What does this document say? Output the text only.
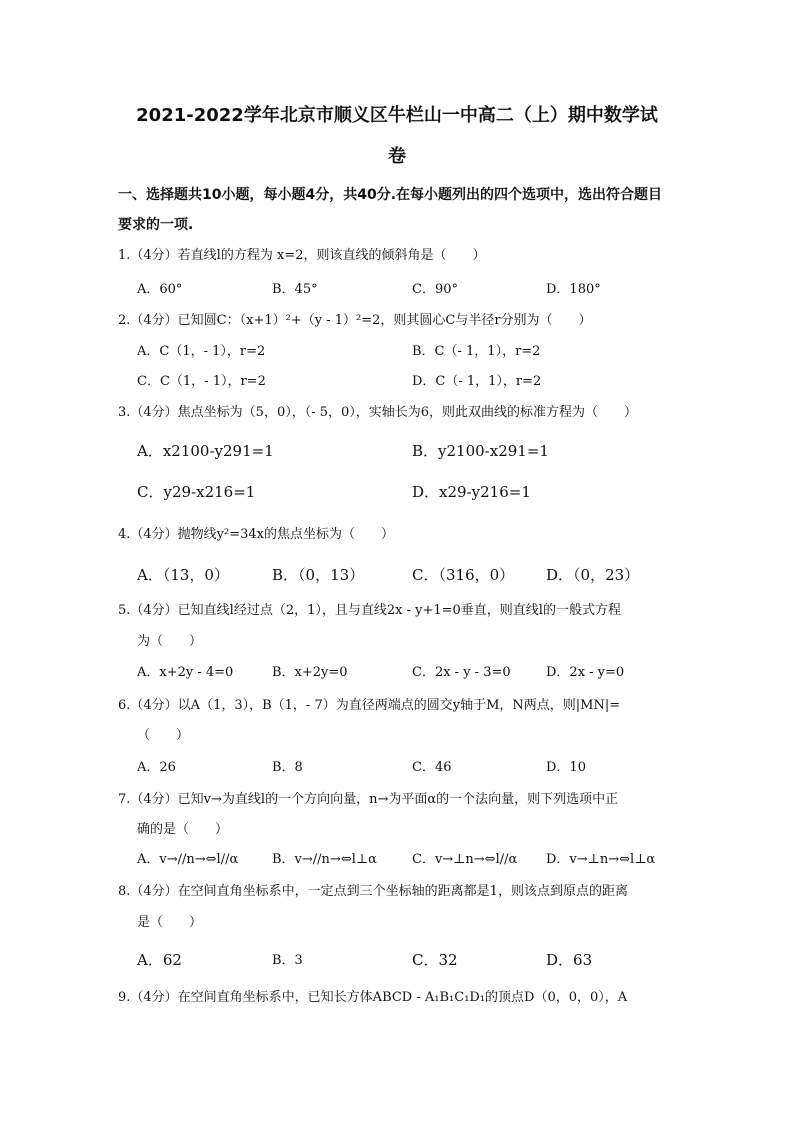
2021-2022学年北京市顺义区牛栏山一中高二（上）期中数学试
卷
一、选择题共10小题，每小题4分，共40分.在每小题列出的四个选项中，选出符合题目
要求的一项.
1.（4分）若直线l的方程为 x=2，则该直线的倾斜角是（　　）
A．60°	B．45°	C．90°	D．180°
2.（4分）已知圆C：（x+1）²+（y - 1）²=2，则其圆心C与半径r分别为（　　）
A．C（1，- 1），r=2	B．C（- 1，1），r=2
C．C（1，- 1），r=2	D．C（- 1，1），r=2
3.（4分）焦点坐标为（5，0），（- 5，0），实轴长为6，则此双曲线的标准方程为（　　）
A．x2100-y291=1	B．y2100-x291=1
C．y29-x216=1	D．x29-y216=1
4.（4分）抛物线y²=34x的焦点坐标为（　　）
A．（13，0）	B．（0，13）	C．（316，0） D．（0，23）
5.（4分）已知直线l经过点（2，1），且与直线2x - y+1=0垂直，则直线l的一般式方程
为（　　）
A．x+2y - 4=0	B．x+2y=0	C．2x - y - 3=0	D．2x - y=0
6.（4分）以A（1，3），B（1，- 7）为直径两端点的圆交y轴于M，N两点，则|MN|=
（　　）
A．26	B．8	C．46	D．10
7.（4分）已知v→为直线l的一个方向向量，n→为平面α的一个法向量，则下列选项中正
确的是（　　）
A．v→//n→⇔l//α	B．v→//n→⇔l⊥α	C．v→⊥n→⇔l//α D．v→⊥n→⇔l⊥α
8.（4分）在空间直角坐标系中，一定点到三个坐标轴的距离都是1，则该点到原点的距离
是（　　）
A．62	B．3	C．32	D．63
9.（4分）在空间直角坐标系中，已知长方体ABCD - A₁B₁C₁D₁的顶点D（0，0，0），A
